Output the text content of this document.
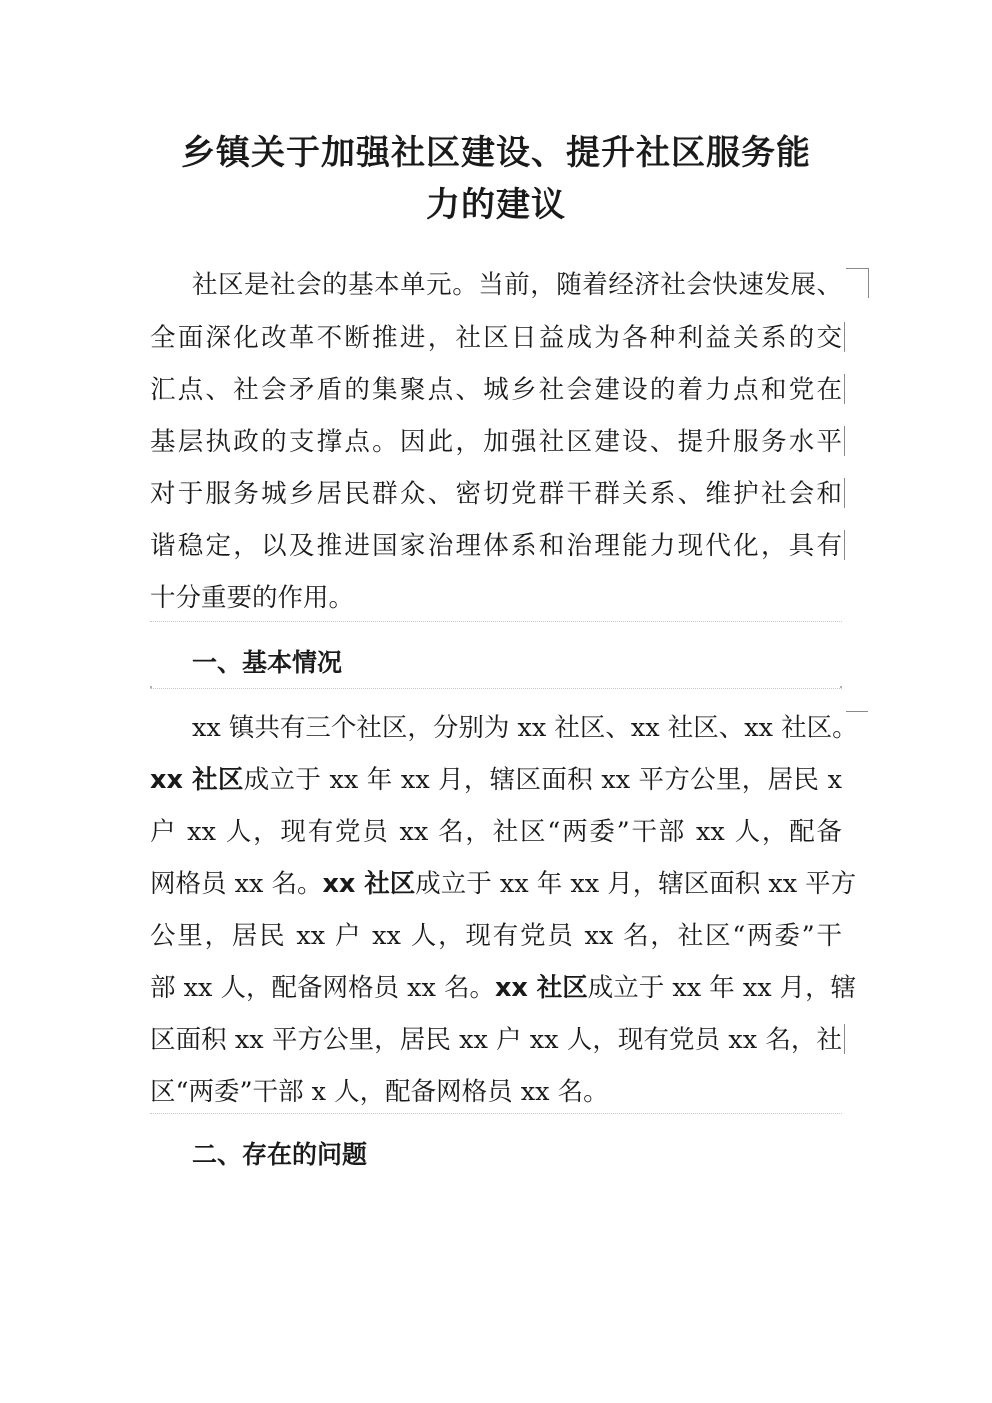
乡镇关于加强社区建设、提升社区服务能
力的建议
社区是社会的基本单元。当前，随着经济社会快速发展、
全面深化改革不断推进，社区日益成为各种利益关系的交
汇点、社会矛盾的集聚点、城乡社会建设的着力点和党在
基层执政的支撑点。因此，加强社区建设、提升服务水平
对于服务城乡居民群众、密切党群干群关系、维护社会和
谐稳定，以及推进国家治理体系和治理能力现代化，具有
十分重要的作用。
一、基本情况
xx 镇共有三个社区，分别为 xx 社区、xx 社区、xx 社区。
xx 社区成立于 xx 年 xx 月，辖区面积 xx 平方公里，居民 x
户 xx 人，现有党员 xx 名，社区“两委”干部 xx 人，配备
网格员 xx 名。xx 社区成立于 xx 年 xx 月，辖区面积 xx 平方
公里，居民 xx 户 xx 人，现有党员 xx 名，社区“两委”干
部 xx 人，配备网格员 xx 名。xx 社区成立于 xx 年 xx 月，辖
区面积 xx 平方公里，居民 xx 户 xx 人，现有党员 xx 名，社
区“两委”干部 x 人，配备网格员 xx 名。
二、存在的问题
